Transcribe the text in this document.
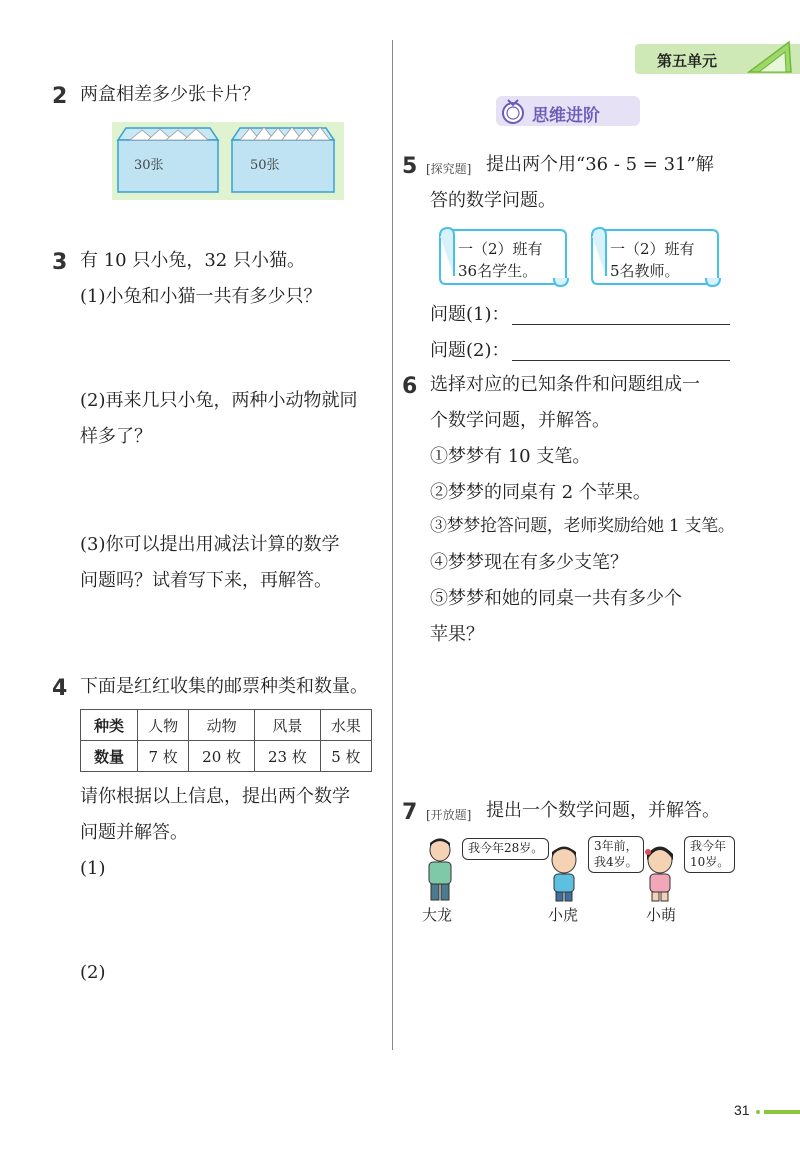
第五单元
2 两盒相差多少张卡片？
30张	50张
3 有 10 只小兔，32 只小猫。
(1)小兔和小猫一共有多少只？
(2)再来几只小兔，两种小动物就同
样多了？
(3)你可以提出用减法计算的数学
问题吗？试着写下来，再解答。
4 下面是红红收集的邮票种类和数量。
种类	人物	动物	风景	水果
数量	7 枚	20 枚	23 枚	5 枚
请你根据以上信息，提出两个数学
问题并解答。
(1)
(2)
思维进阶
5 [探究题] 提出两个用“36 - 5 = 31”解
答的数学问题。
一（2）班有
36名学生。
一（2）班有
5名教师。
问题(1)：
问题(2)：
6 选择对应的已知条件和问题组成一
个数学问题，并解答。
①梦梦有 10 支笔。
②梦梦的同桌有 2 个苹果。
③梦梦抢答问题，老师奖励给她 1 支笔。
④梦梦现在有多少支笔？
⑤梦梦和她的同桌一共有多少个
苹果？
7 [开放题] 提出一个数学问题，并解答。
我今年28岁。
大龙
3年前，
我4岁。
小虎
我今年
10岁。
小萌
31
